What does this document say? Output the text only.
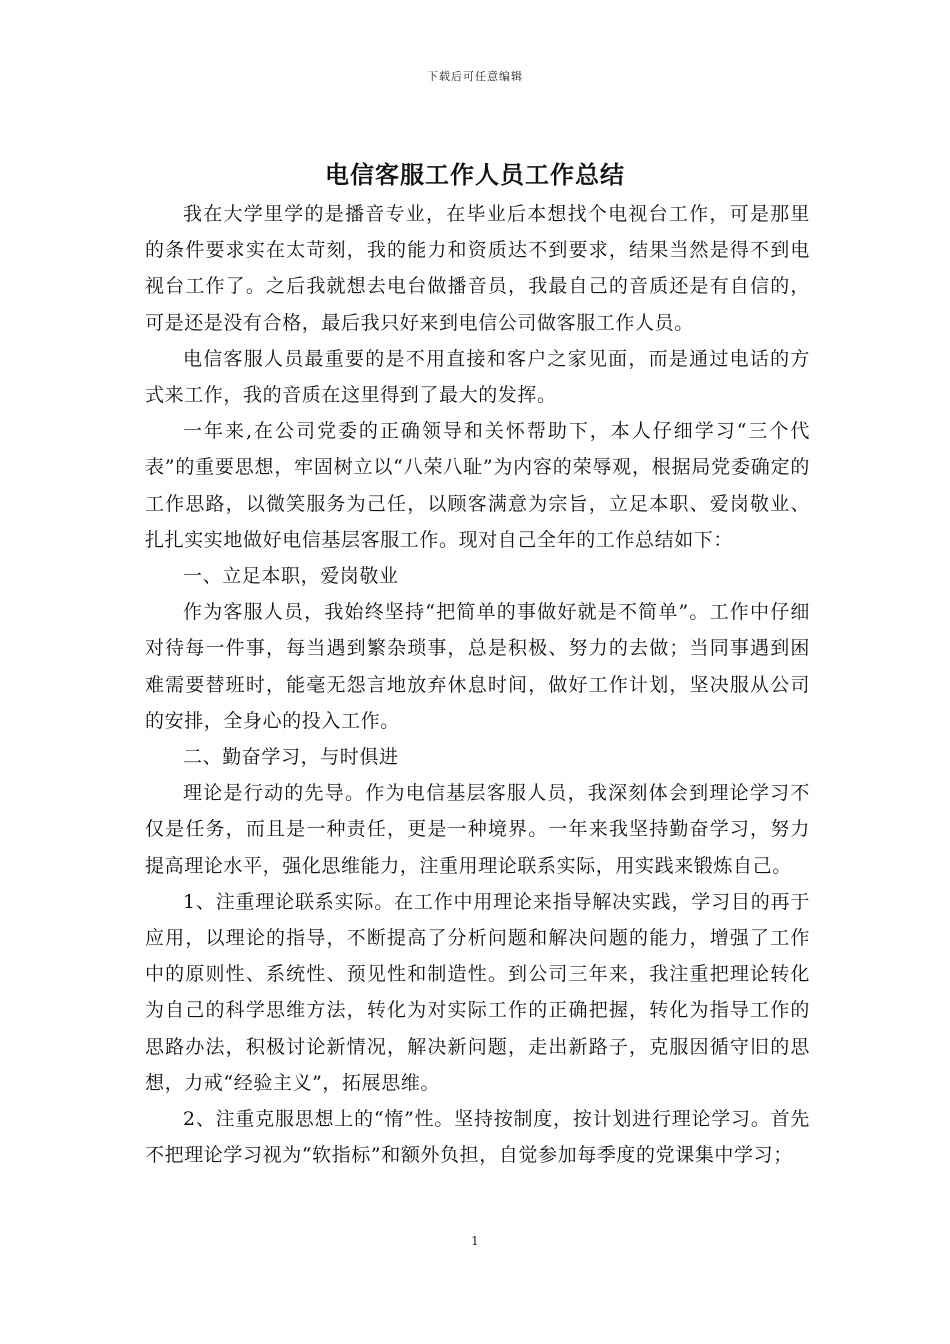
下载后可任意编辑
电信客服工作人员工作总结

我在大学里学的是播音专业，在毕业后本想找个电视台工作，可是那里的条件要求实在太苛刻，我的能力和资质达不到要求，结果当然是得不到电视台工作了。之后我就想去电台做播音员，我最自己的音质还是有自信的，可是还是没有合格，最后我只好来到电信公司做客服工作人员。

电信客服人员最重要的是不用直接和客户之家见面，而是通过电话的方式来工作，我的音质在这里得到了最大的发挥。

一年来,在公司党委的正确领导和关怀帮助下，本人仔细学习“三个代表”的重要思想，牢固树立以“八荣八耻”为内容的荣辱观，根据局党委确定的工作思路，以微笑服务为己任，以顾客满意为宗旨，立足本职、爱岗敬业、扎扎实实地做好电信基层客服工作。现对自己全年的工作总结如下：

一、立足本职，爱岗敬业

作为客服人员，我始终坚持“把简单的事做好就是不简单”。工作中仔细对待每一件事，每当遇到繁杂琐事，总是积极、努力的去做；当同事遇到困难需要替班时，能毫无怨言地放弃休息时间，做好工作计划，坚决服从公司的安排，全身心的投入工作。

二、勤奋学习，与时俱进

理论是行动的先导。作为电信基层客服人员，我深刻体会到理论学习不仅是任务，而且是一种责任，更是一种境界。一年来我坚持勤奋学习，努力提高理论水平，强化思维能力，注重用理论联系实际，用实践来锻炼自己。

1、注重理论联系实际。在工作中用理论来指导解决实践，学习目的再于应用，以理论的指导，不断提高了分析问题和解决问题的能力，增强了工作中的原则性、系统性、预见性和制造性。到公司三年来，我注重把理论转化为自己的科学思维方法，转化为对实际工作的正确把握，转化为指导工作的思路办法，积极讨论新情况，解决新问题，走出新路子，克服因循守旧的思想，力戒“经验主义”，拓展思维。

2、注重克服思想上的“惰”性。坚持按制度，按计划进行理论学习。首先不把理论学习视为“软指标”和额外负担，自觉参加每季度的党课集中学习；

1
